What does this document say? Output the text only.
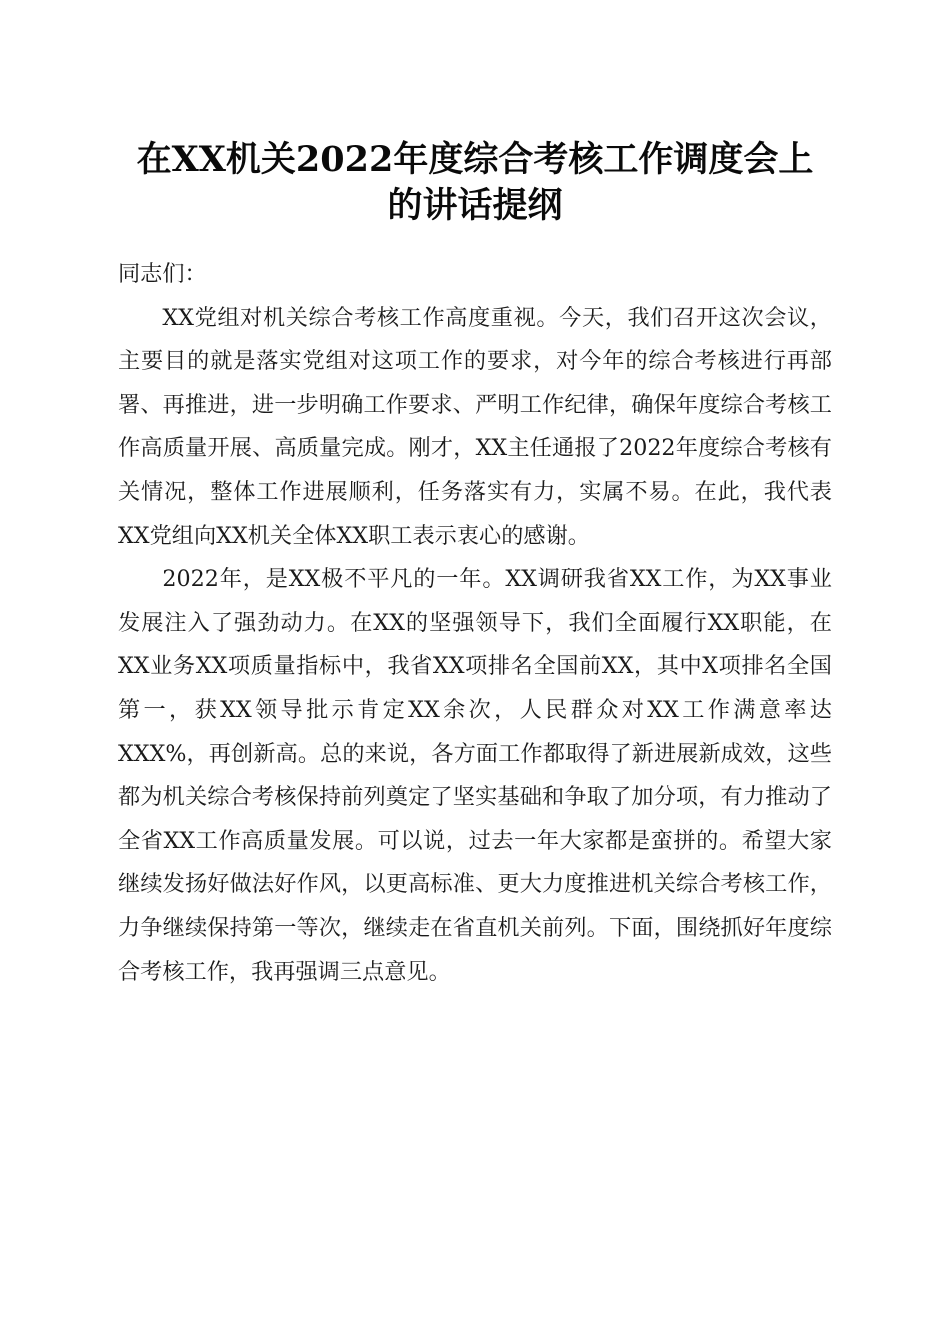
在XX机关2022年度综合考核工作调度会上
的讲话提纲

同志们：

XX党组对机关综合考核工作高度重视。今天，我们召开这次会议，主要目的就是落实党组对这项工作的要求，对今年的综合考核进行再部署、再推进，进一步明确工作要求、严明工作纪律，确保年度综合考核工作高质量开展、高质量完成。刚才，XX主任通报了2022年度综合考核有关情况，整体工作进展顺利，任务落实有力，实属不易。在此，我代表XX党组向XX机关全体XX职工表示衷心的感谢。

2022年，是XX极不平凡的一年。XX调研我省XX工作，为XX事业发展注入了强劲动力。在XX的坚强领导下，我们全面履行XX职能，在XX业务XX项质量指标中，我省XX项排名全国前XX，其中X项排名全国第一，获XX领导批示肯定XX余次，人民群众对XX工作满意率达XXX%，再创新高。总的来说，各方面工作都取得了新进展新成效，这些都为机关综合考核保持前列奠定了坚实基础和争取了加分项，有力推动了全省XX工作高质量发展。可以说，过去一年大家都是蛮拼的。希望大家继续发扬好做法好作风，以更高标准、更大力度推进机关综合考核工作，力争继续保持第一等次，继续走在省直机关前列。下面，围绕抓好年度综合考核工作，我再强调三点意见。
